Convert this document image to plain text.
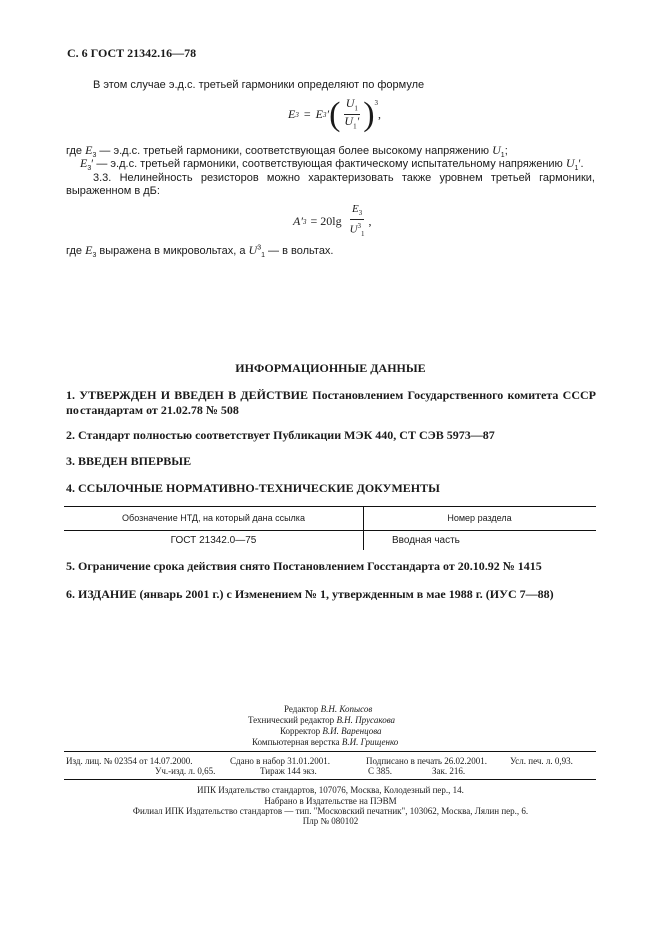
С. 6 ГОСТ 21342.16—78
В этом случае э.д.с. третьей гармоники определяют по формуле
E 3 = E 3 ′ ( $\frac{U_1}{U_1'} )^3$
,
где $E_3$ — э.д.с. третьей гармоники, соответствующая более высокому напряжению $U_1$;
$E_3'$ — э.д.с. третьей гармоники, соответствующая фактическому испытательному напряжению $U_1'$.
3.3. Нелинейность резисторов можно характеризовать также уровнем третьей гармоники,
выраженном в дБ:
A′ $3 = 20\lg \frac{E_3}{U^3_1}$ ,
где $E_3$ выражена в микровольтах, а $U^3_1$ — в вольтах.
ИНФОРМАЦИОННЫЕ ДАННЫЕ
1. УТВЕРЖДЕН И ВВЕДЕН В ДЕЙСТВИЕ Постановлением Государственного комитета СССР по стандартам от 21.02.78 № 508
2. Стандарт полностью соответствует Публикации МЭК 440, СТ СЭВ 5973—87
3. ВВЕДЕН ВПЕРВЫЕ
4. ССЫЛОЧНЫЕ НОРМАТИВНО-ТЕХНИЧЕСКИЕ ДОКУМЕНТЫ
Обозначение НТД, на который дана ссылка	Номер раздела
ГОСТ 21342.0—75	Вводная часть
5. Ограничение срока действия снято Постановлением Госстандарта от 20.10.92 № 1415
6. ИЗДАНИЕ (январь 2001 г.) с Изменением № 1, утвержденным в мае 1988 г. (ИУС 7—88)
Редактор В.Н. Копысов
Технический редактор В.Н. Прусакова
Корректор В.И. Варенцова
Компьютерная верстка В.И. Грищенко
Изд. лиц. № 02354 от 14.07.2000.	Сдано в набор 31.01.2001.	Подписано в печать 26.02.2001.	Усл. печ. л. 0,93.
Уч.-изд. л. 0,65.	Тираж 144 экз.	С 385.	Зак. 216.
ИПК Издательство стандартов, 107076, Москва, Колодезный пер., 14.
Набрано в Издательстве на ПЭВМ
Филиал ИПК Издательство стандартов — тип. "Московский печатник", 103062, Москва, Лялин пер., 6.
Плр № 080102
